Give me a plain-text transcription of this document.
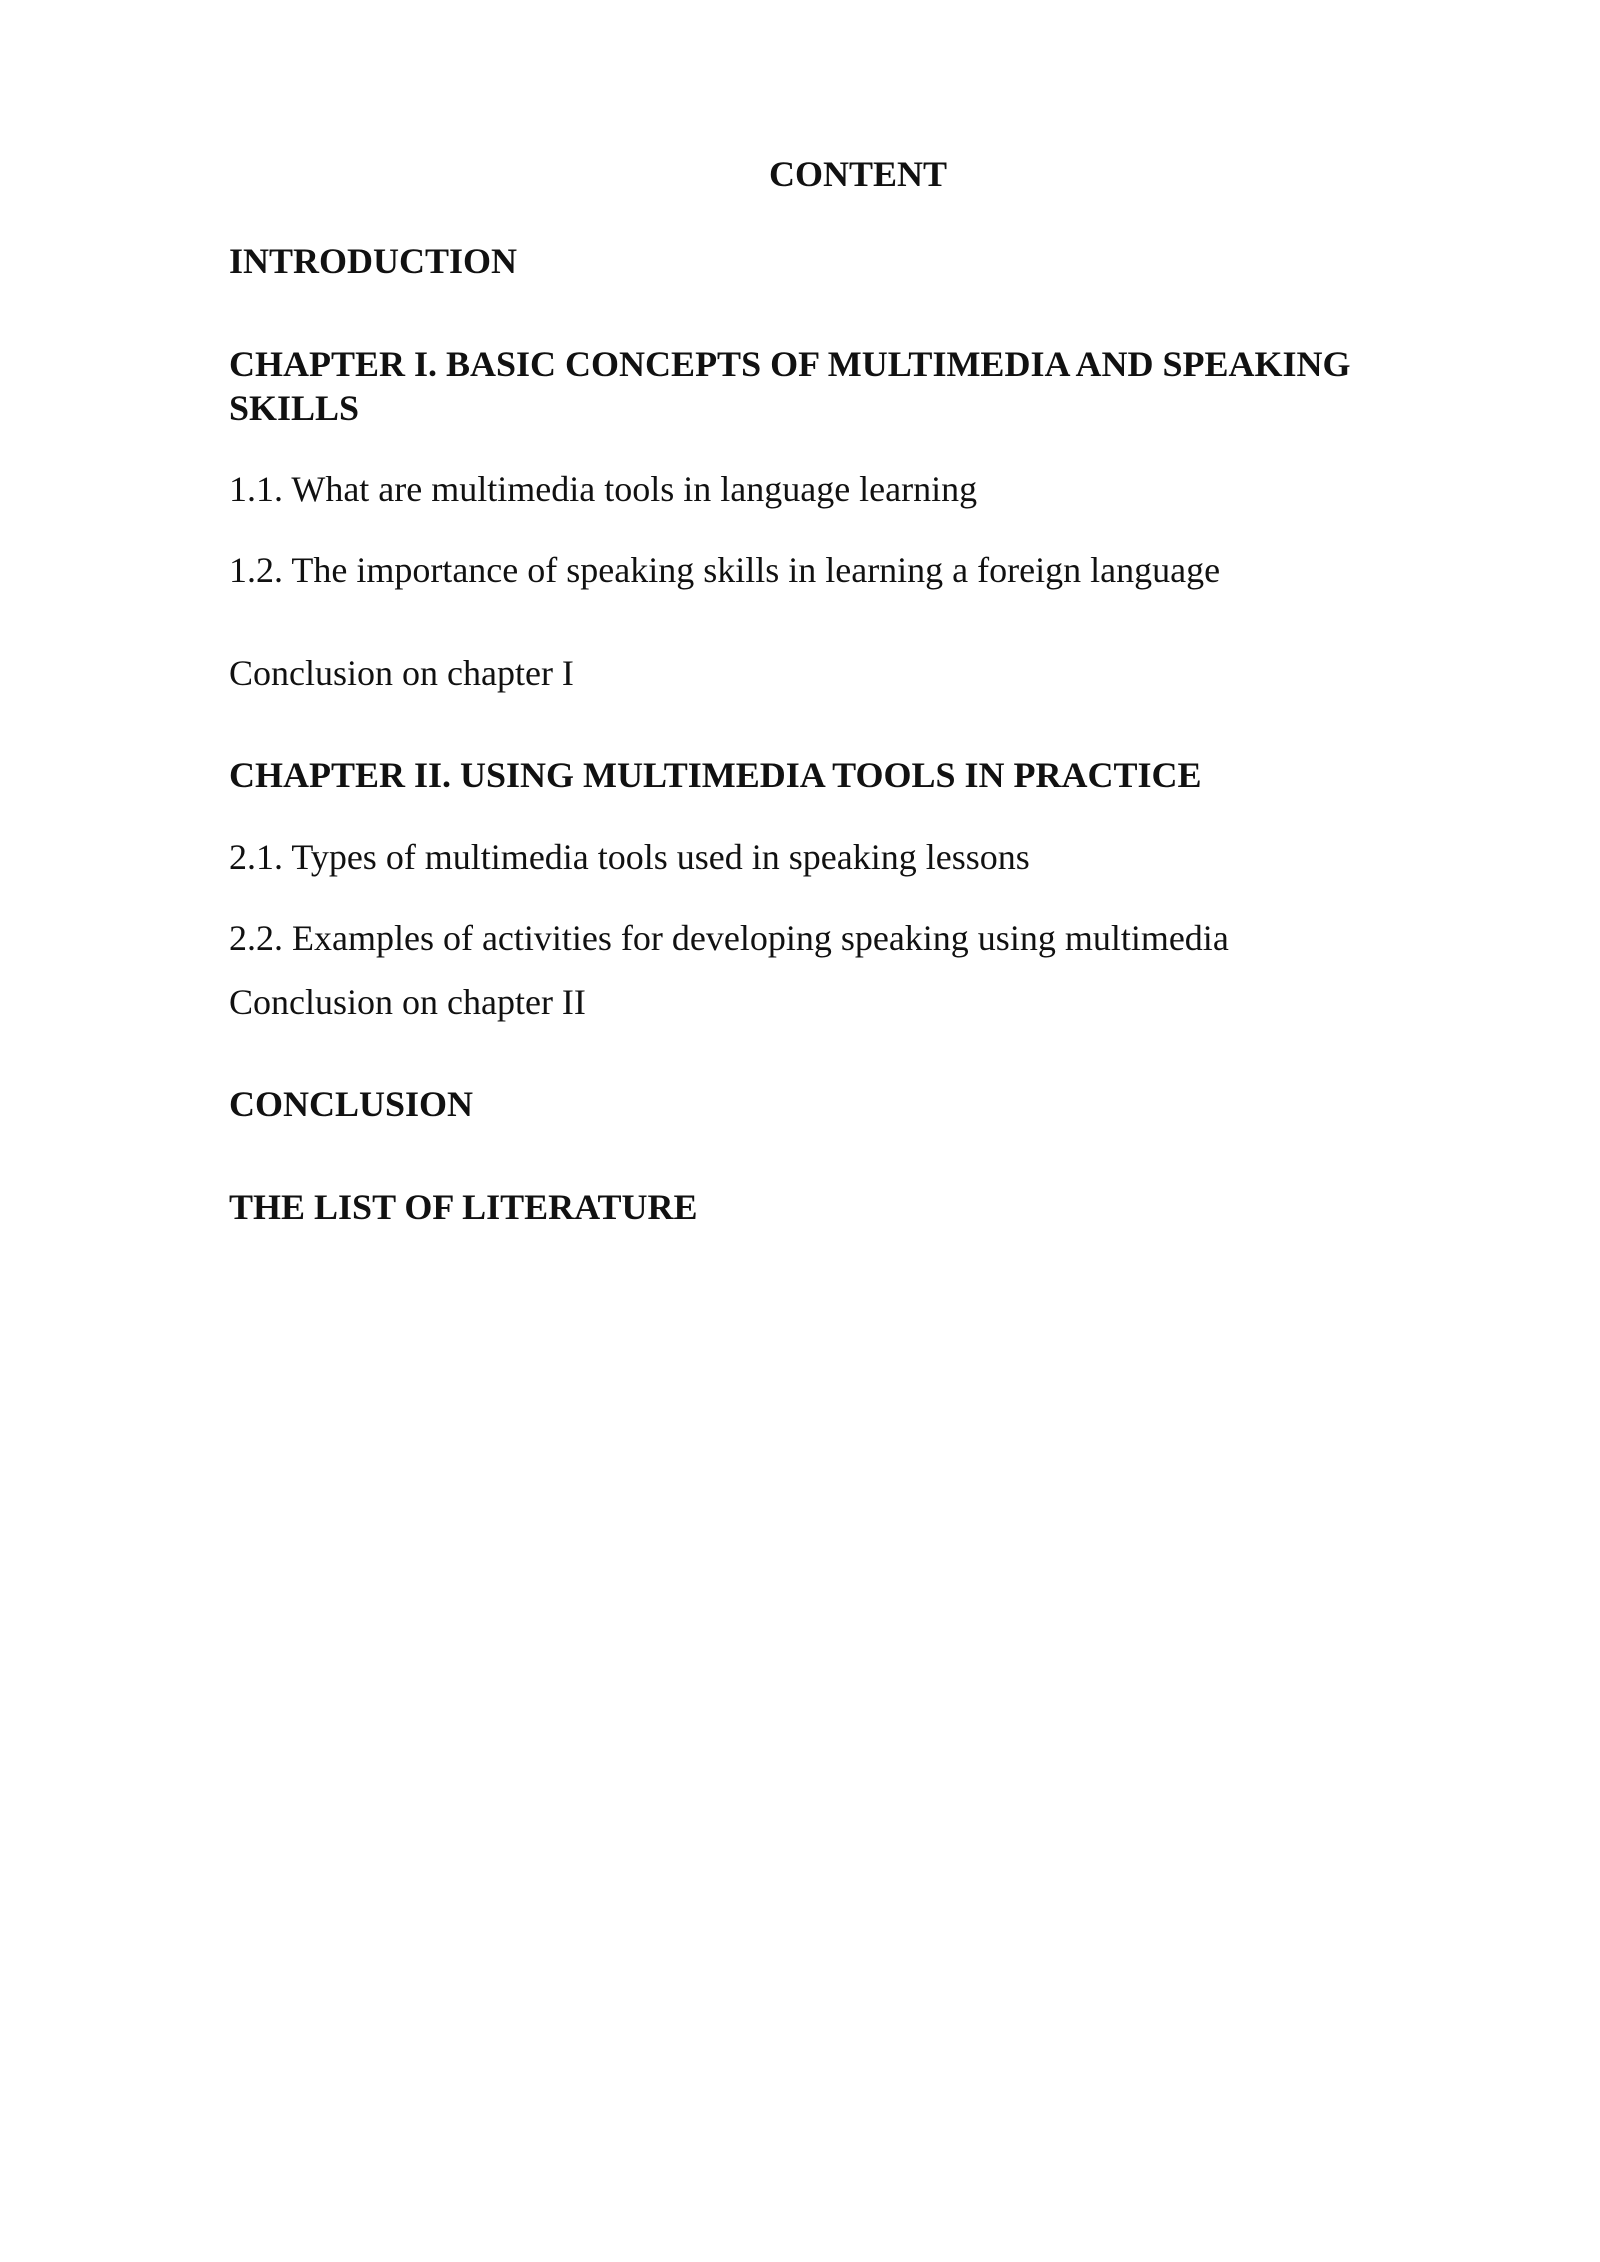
CONTENT
INTRODUCTION
CHAPTER I. BASIC CONCEPTS OF MULTIMEDIA AND SPEAKING SKILLS
1.1. What are multimedia tools in language learning
1.2. The importance of speaking skills in learning a foreign language
Conclusion on chapter I
CHAPTER II. USING MULTIMEDIA TOOLS IN PRACTICE
2.1. Types of multimedia tools used in speaking lessons
2.2. Examples of activities for developing speaking using multimedia
Conclusion on chapter II
CONCLUSION
THE LIST OF LITERATURE
